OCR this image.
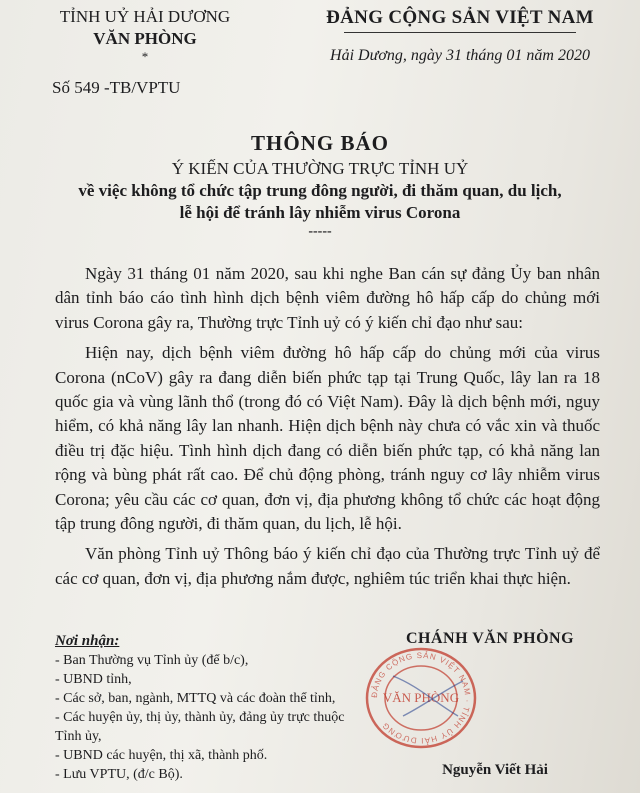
TỈNH UỶ HẢI DƯƠNG
VĂN PHÒNG
*
Số 549 -TB/VPTU
ĐẢNG CỘNG SẢN VIỆT NAM
Hải Dương, ngày 31 tháng 01 năm 2020
THÔNG BÁO
Ý KIẾN CỦA THƯỜNG TRỰC TỈNH UỶ
về việc không tổ chức tập trung đông người, đi thăm quan, du lịch,
lễ hội để tránh lây nhiễm virus Corona
-----

Ngày 31 tháng 01 năm 2020, sau khi nghe Ban cán sự đảng Ủy ban nhân dân tỉnh báo cáo tình hình dịch bệnh viêm đường hô hấp cấp do chủng mới virus Corona gây ra, Thường trực Tỉnh uỷ có ý kiến chỉ đạo như sau:

Hiện nay, dịch bệnh viêm đường hô hấp cấp do chủng mới của virus Corona (nCoV) gây ra đang diễn biến phức tạp tại Trung Quốc, lây lan ra 18 quốc gia và vùng lãnh thổ (trong đó có Việt Nam). Đây là dịch bệnh mới, nguy hiểm, có khả năng lây lan nhanh. Hiện dịch bệnh này chưa có vắc xin và thuốc điều trị đặc hiệu. Tình hình dịch đang có diễn biến phức tạp, có khả năng lan rộng và bùng phát rất cao. Để chủ động phòng, tránh nguy cơ lây nhiễm virus Corona; yêu cầu các cơ quan, đơn vị, địa phương không tổ chức các hoạt động tập trung đông người, đi thăm quan, du lịch, lễ hội.

Văn phòng Tỉnh uỷ Thông báo ý kiến chỉ đạo của Thường trực Tỉnh uỷ để các cơ quan, đơn vị, địa phương nắm được, nghiêm túc triển khai thực hiện.

Nơi nhận:
- Ban Thường vụ Tỉnh ủy (để b/c),
- UBND tỉnh,
- Các sở, ban, ngành, MTTQ và các đoàn thể tỉnh,
- Các huyện ủy, thị ủy, thành ủy, đảng ủy trực thuộc Tỉnh ủy,
- UBND các huyện, thị xã, thành phố.
- Lưu VPTU, (đ/c Bộ).
CHÁNH VĂN PHÒNG
ĐẢNG CỘNG SẢN VIỆT NAM · TỈNH ỦY HẢI DƯƠNG
VĂN PHÒNG
Nguyễn Viết Hải
